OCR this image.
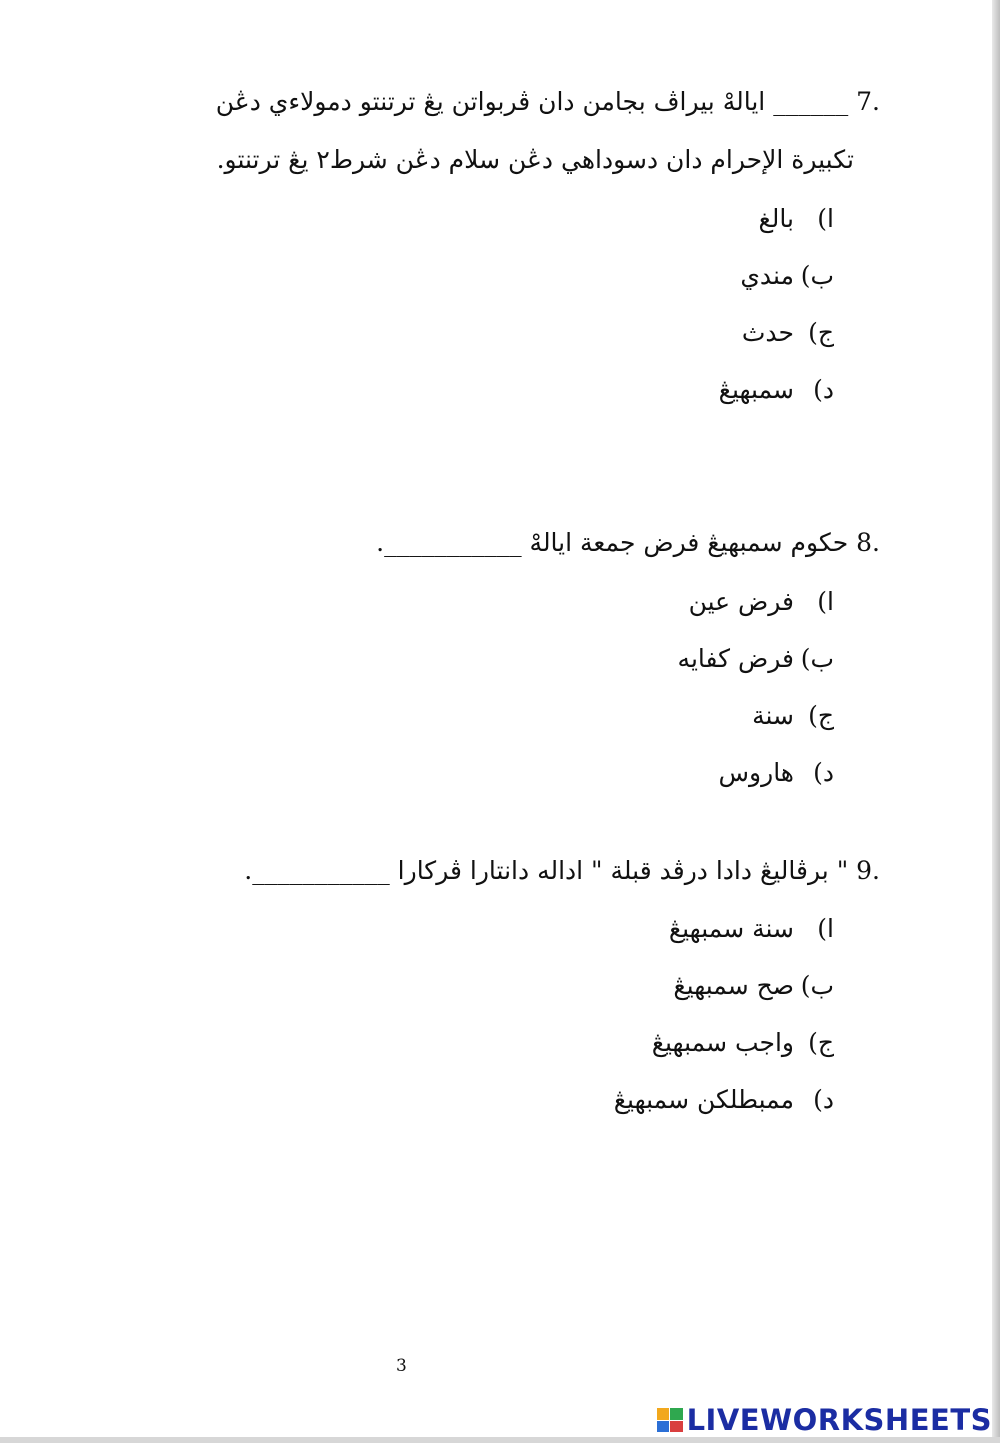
7. ______ ايالهْ بيراڤ بجامن دان ڤربواتن يڠ ترتنتو دمولاءي دڠن
تكبيرة الإحرام دان دسوداهي دڠن سلام دڠن شرط۲ يڠ ترتنتو.
ا)بالغ
ب)مندي
ج)حدث
د)سمبهيڠ
8. حكوم سمبهيڠ فرض جمعة ايالهْ ___________.
ا)فرض عين
ب)فرض كفايه
ج)سنة
د)هاروس
9. " برڤاليڠ دادا درڤد قبلة " اداله دانتارا ڤركارا ___________.
ا)سنة سمبهيڠ
ب)صح سمبهيڠ
ج)واجب سمبهيڠ
د)ممبطلكن سمبهيڠ
3
LIVEWORKSHEETS
